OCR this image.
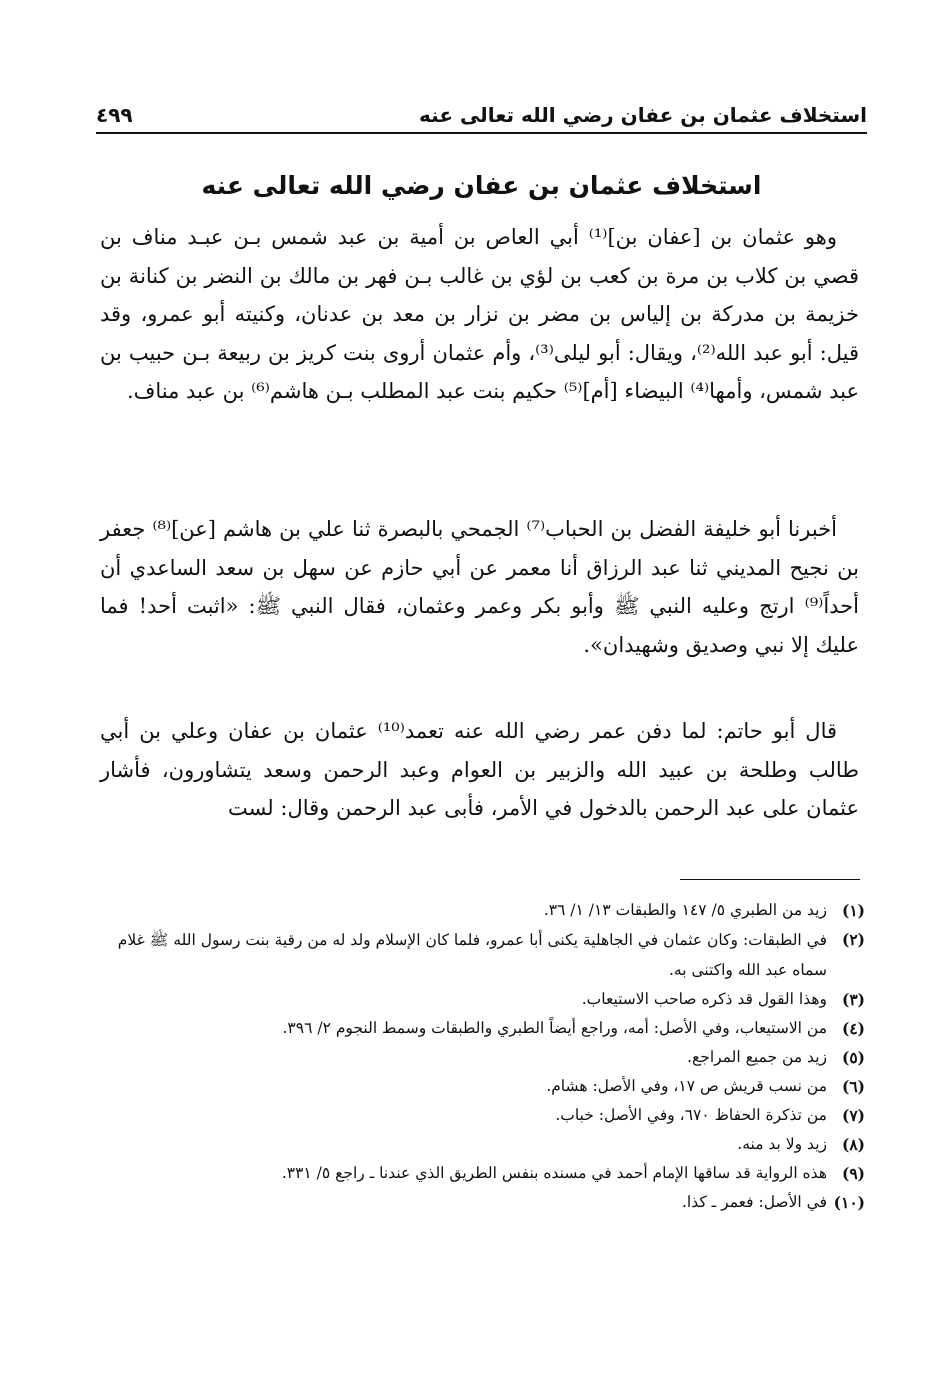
استخلاف عثمان بن عفان رضي الله تعالى عنه
٤٩٩
استخلاف عثمان بن عفان رضي الله تعالى عنه

وهو عثمان بن [عفان بن]⁽¹⁾ أبي العاص بن أمية بن عبد شمس بـن عبـد مناف بن قصي بن كلاب بن مرة بن كعب بن لؤي بن غالب بـن فهر بن مالك بن النضر بن كنانة بن خزيمة بن مدركة بن إلياس بن مضر بن نزار بن معد بن عدنان، وكنيته أبو عمرو، وقد قيل: أبو عبد الله⁽²⁾، ويقال: أبو ليلى⁽³⁾، وأم عثمان أروى بنت كريز بن ربيعة بـن حبيب بن عبد شمس، وأمها⁽⁴⁾ البيضاء [أم]⁽⁵⁾ حكيم بنت عبد المطلب بـن هاشم⁽⁶⁾ بن عبد مناف.

أخبرنا أبو خليفة الفضل بن الحباب⁽⁷⁾ الجمحي بالبصرة ثنا علي بن هاشم [عن]⁽⁸⁾ جعفر بن نجيح المديني ثنا عبد الرزاق أنا معمر عن أبي حازم عن سهل بن سعد الساعدي أن أحداً⁽⁹⁾ ارتج وعليه النبي ﷺ وأبو بكر وعمر وعثمان، فقال النبي ﷺ: «اثبت أحد! فما عليك إلا نبي وصديق وشهيدان».

قال أبو حاتم: لما دفن عمر رضي الله عنه تعمد⁽¹⁰⁾ عثمان بن عفان وعلي بن أبي طالب وطلحة بن عبيد الله والزبير بن العوام وعبد الرحمن وسعد يتشاورون، فأشار عثمان على عبد الرحمن بالدخول في الأمر، فأبى عبد الرحمن وقال: لست

(١)
زيد من الطبري ٥/ ١٤٧ والطبقات ١٣/ ١/ ٣٦.
(٢)
في الطبقات: وكان عثمان في الجاهلية يكنى أبا عمرو، فلما كان الإسلام ولد له من رقية بنت رسول الله ﷺ غلام سماه عبد الله واكتنى به.
(٣)
وهذا القول قد ذكره صاحب الاستيعاب.
(٤)
من الاستيعاب، وفي الأصل: أمه، وراجع أيضاً الطبري والطبقات وسمط النجوم ٢/ ٣٩٦.
(٥)
زيد من جميع المراجع.
(٦)
من نسب قريش ص ١٧، وفي الأصل: هشام.
(٧)
من تذكرة الحفاظ ٦٧٠، وفي الأصل: خباب.
(٨)
زيد ولا بد منه.
(٩)
هذه الرواية قد ساقها الإمام أحمد في مسنده بنفس الطريق الذي عندنا ـ راجع ٥/ ٣٣١.
(١٠)
في الأصل: فعمر ـ كذا.
